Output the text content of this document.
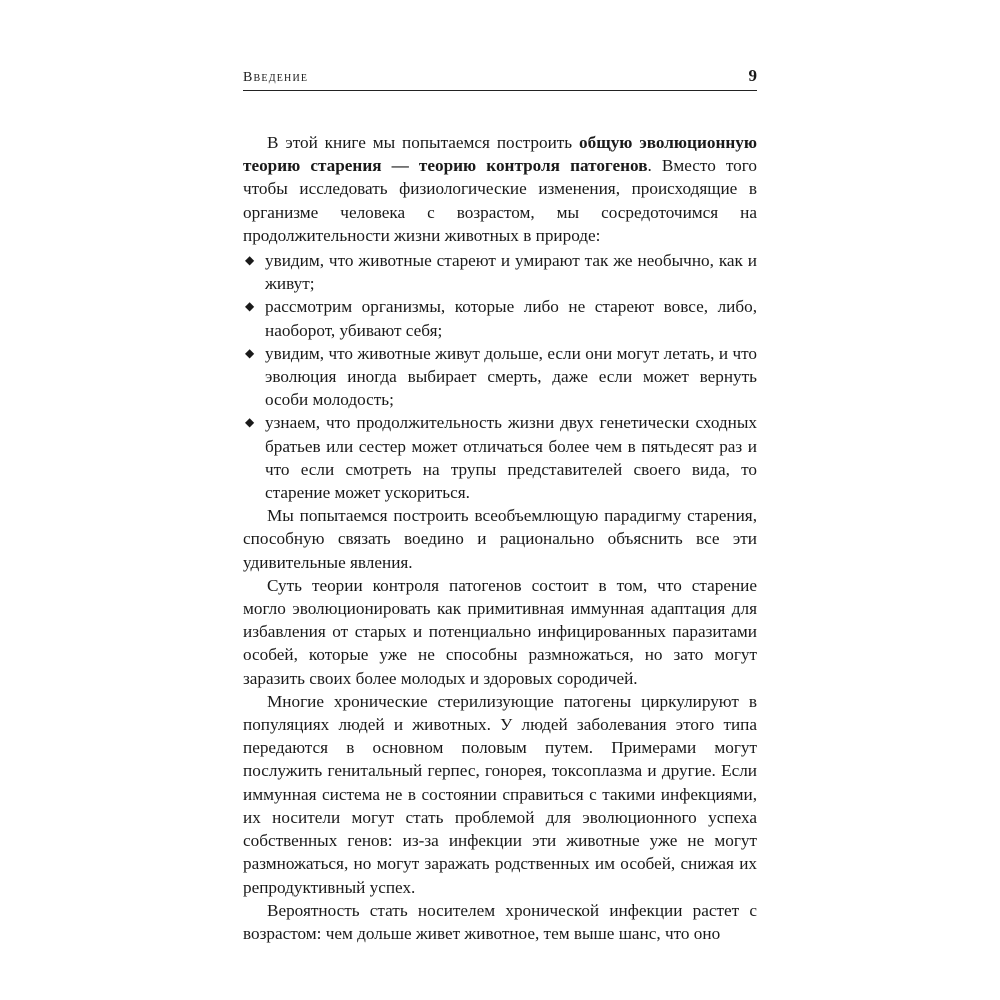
Введение	9

В этой книге мы попытаемся построить общую эволюционную теорию старения — теорию контроля патогенов. Вместо того чтобы исследовать физиологические изменения, происходящие в организме человека с возрастом, мы сосредоточимся на продолжительности жизни животных в природе:

◆ увидим, что животные стареют и умирают так же необычно, как и живут;
◆ рассмотрим организмы, которые либо не стареют вовсе, либо, наоборот, убивают себя;
◆ увидим, что животные живут дольше, если они могут летать, и что эволюция иногда выбирает смерть, даже если может вернуть особи молодость;
◆ узнаем, что продолжительность жизни двух генетически сходных братьев или сестер может отличаться более чем в пятьдесят раз и что если смотреть на трупы представителей своего вида, то старение может ускориться.

Мы попытаемся построить всеобъемлющую парадигму старения, способную связать воедино и рационально объяснить все эти удивительные явления.

Суть теории контроля патогенов состоит в том, что старение могло эволюционировать как примитивная иммунная адаптация для избавления от старых и потенциально инфицированных паразитами особей, которые уже не способны размножаться, но зато могут заразить своих более молодых и здоровых сородичей.

Многие хронические стерилизующие патогены циркулируют в популяциях людей и животных. У людей заболевания этого типа передаются в основном половым путем. Примерами могут послужить генитальный герпес, гонорея, токсоплазма и другие. Если иммунная система не в состоянии справиться с такими инфекциями, их носители могут стать проблемой для эволюционного успеха собственных генов: из-за инфекции эти животные уже не могут размножаться, но могут заражать родственных им особей, снижая их репродуктивный успех.

Вероятность стать носителем хронической инфекции растет с возрастом: чем дольше живет животное, тем выше шанс, что оно
